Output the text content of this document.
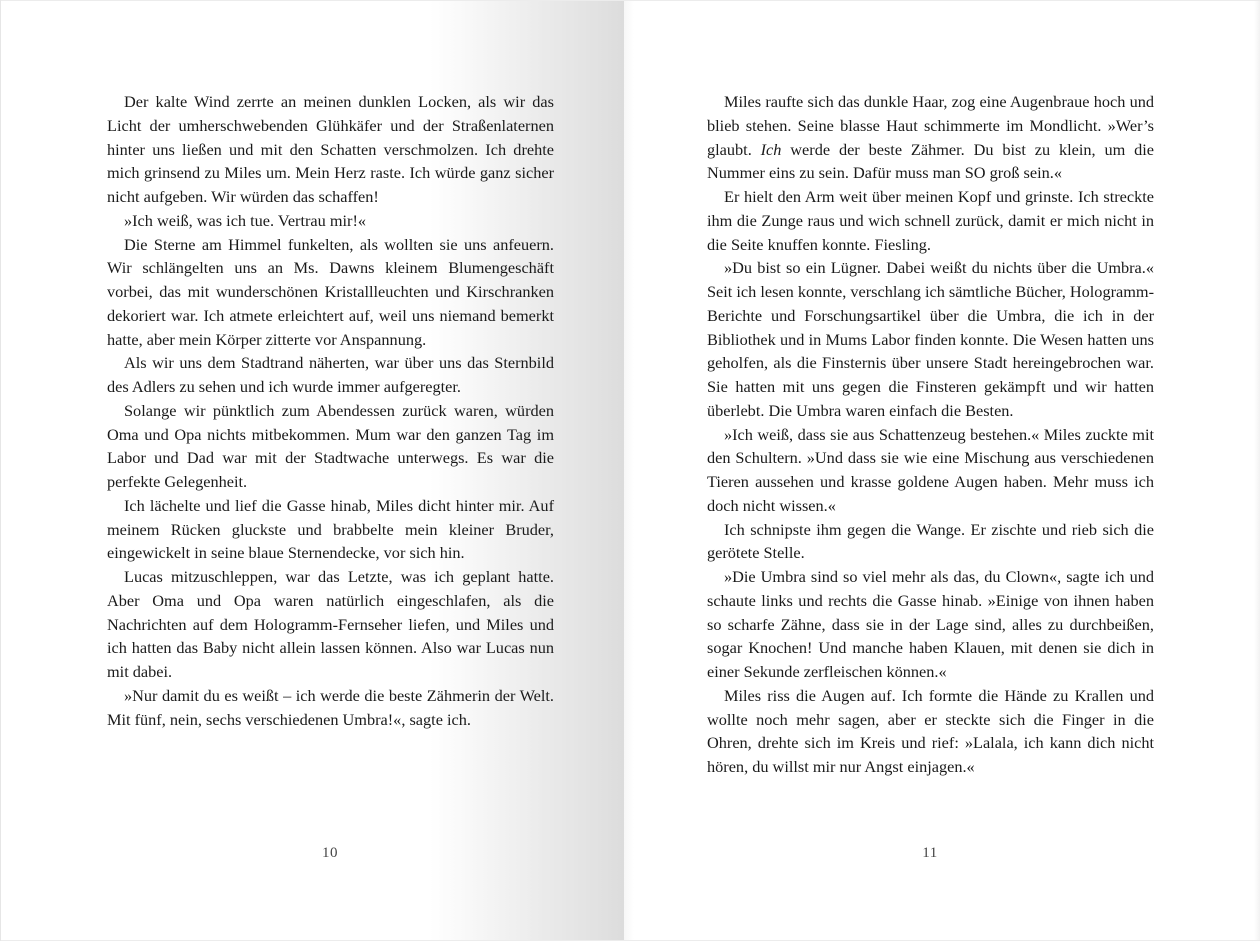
Der kalte Wind zerrte an meinen dunklen Locken, als wir das Licht der umherschwebenden Glühkäfer und der Straßenlaternen hinter uns ließen und mit den Schatten verschmolzen. Ich drehte mich grinsend zu Miles um. Mein Herz raste. Ich würde ganz sicher nicht aufgeben. Wir würden das schaffen!

»Ich weiß, was ich tue. Vertrau mir!«

Die Sterne am Himmel funkelten, als wollten sie uns anfeuern. Wir schlängelten uns an Ms. Dawns kleinem Blumengeschäft vorbei, das mit wunderschönen Kristallleuchten und Kirschranken dekoriert war. Ich atmete erleichtert auf, weil uns niemand bemerkt hatte, aber mein Körper zitterte vor Anspannung.

Als wir uns dem Stadtrand näherten, war über uns das Sternbild des Adlers zu sehen und ich wurde immer aufgeregter.

Solange wir pünktlich zum Abendessen zurück waren, würden Oma und Opa nichts mitbekommen. Mum war den ganzen Tag im Labor und Dad war mit der Stadtwache unterwegs. Es war die perfekte Gelegenheit.

Ich lächelte und lief die Gasse hinab, Miles dicht hinter mir. Auf meinem Rücken gluckste und brabbelte mein kleiner Bruder, eingewickelt in seine blaue Sternendecke, vor sich hin.

Lucas mitzuschleppen, war das Letzte, was ich geplant hatte. Aber Oma und Opa waren natürlich eingeschlafen, als die Nachrichten auf dem Hologramm-Fernseher liefen, und Miles und ich hatten das Baby nicht allein lassen können. Also war Lucas nun mit dabei.

»Nur damit du es weißt – ich werde die beste Zähmerin der Welt. Mit fünf, nein, sechs verschiedenen Umbra!«, sagte ich.

10

Miles raufte sich das dunkle Haar, zog eine Augenbraue hoch und blieb stehen. Seine blasse Haut schimmerte im Mondlicht. »Wer’s glaubt. Ich werde der beste Zähmer. Du bist zu klein, um die Nummer eins zu sein. Dafür muss man SO groß sein.«

Er hielt den Arm weit über meinen Kopf und grinste. Ich streckte ihm die Zunge raus und wich schnell zurück, damit er mich nicht in die Seite knuffen konnte. Fiesling.

»Du bist so ein Lügner. Dabei weißt du nichts über die Umbra.« Seit ich lesen konnte, verschlang ich sämtliche Bücher, Hologramm-Berichte und Forschungsartikel über die Umbra, die ich in der Bibliothek und in Mums Labor finden konnte. Die Wesen hatten uns geholfen, als die Finsternis über unsere Stadt hereingebrochen war. Sie hatten mit uns gegen die Finsteren gekämpft und wir hatten überlebt. Die Umbra waren einfach die Besten.

»Ich weiß, dass sie aus Schattenzeug bestehen.« Miles zuckte mit den Schultern. »Und dass sie wie eine Mischung aus verschiedenen Tieren aussehen und krasse goldene Augen haben. Mehr muss ich doch nicht wissen.«

Ich schnipste ihm gegen die Wange. Er zischte und rieb sich die gerötete Stelle.

»Die Umbra sind so viel mehr als das, du Clown«, sagte ich und schaute links und rechts die Gasse hinab. »Einige von ihnen haben so scharfe Zähne, dass sie in der Lage sind, alles zu durchbeißen, sogar Knochen! Und manche haben Klauen, mit denen sie dich in einer Sekunde zerfleischen können.«

Miles riss die Augen auf. Ich formte die Hände zu Krallen und wollte noch mehr sagen, aber er steckte sich die Finger in die Ohren, drehte sich im Kreis und rief: »Lalala, ich kann dich nicht hören, du willst mir nur Angst einjagen.«

11
